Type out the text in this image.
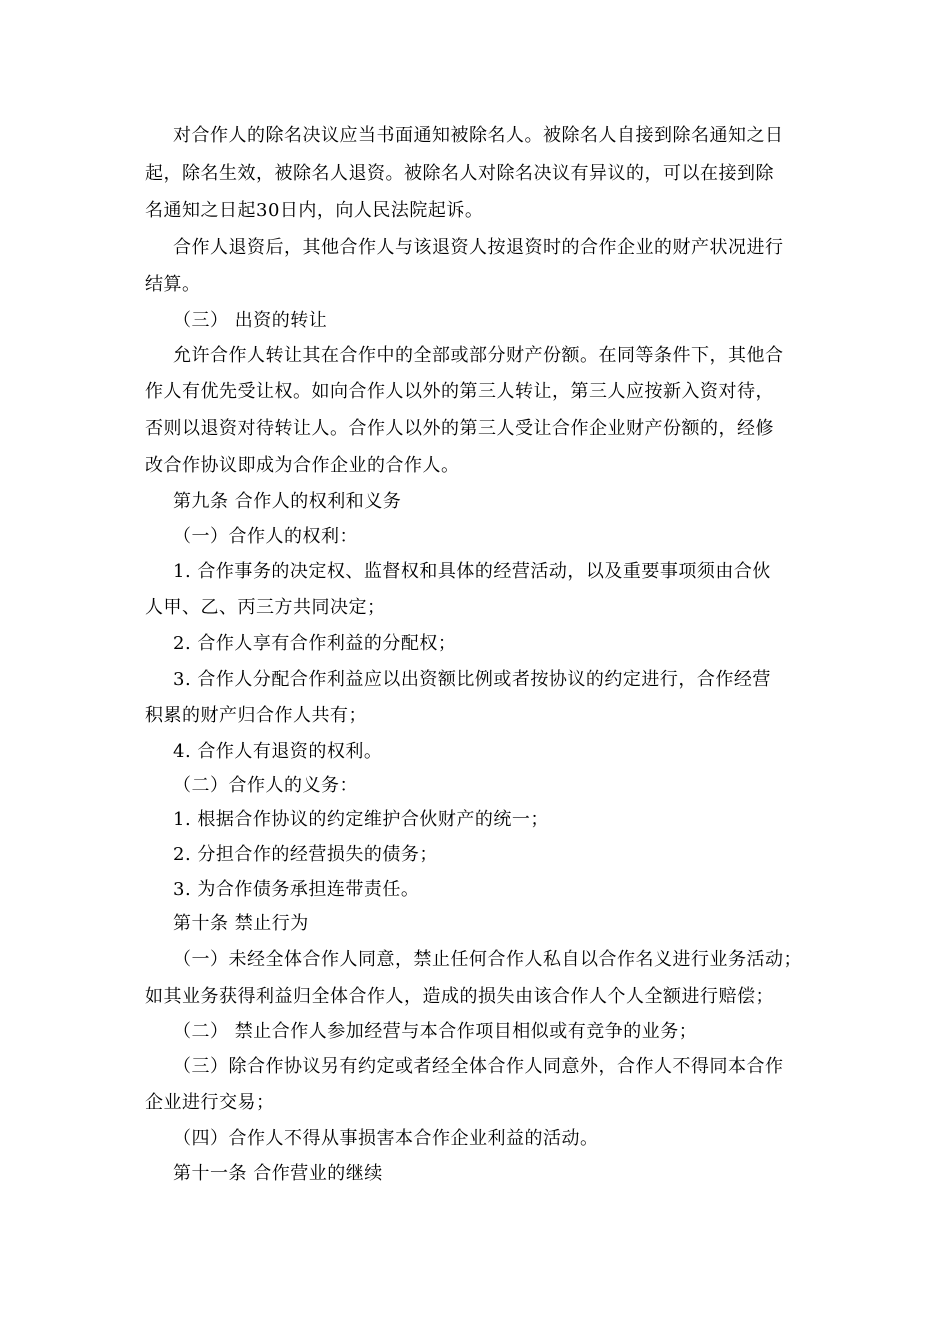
对合作人的除名决议应当书面通知被除名人。被除名人自接到除名通知之日
起，除名生效，被除名人退资。被除名人对除名决议有异议的，可以在接到除
名通知之日起30日内，向人民法院起诉。
合作人退资后，其他合作人与该退资人按退资时的合作企业的财产状况进行
结算。
（三） 出资的转让
允许合作人转让其在合作中的全部或部分财产份额。在同等条件下，其他合
作人有优先受让权。如向合作人以外的第三人转让，第三人应按新入资对待，
否则以退资对待转让人。合作人以外的第三人受让合作企业财产份额的，经修
改合作协议即成为合作企业的合作人。
第九条 合作人的权利和义务
（一）合作人的权利：
1. 合作事务的决定权、监督权和具体的经营活动，以及重要事项须由合伙
人甲、乙、丙三方共同决定；
2. 合作人享有合作利益的分配权；
3. 合作人分配合作利益应以出资额比例或者按协议的约定进行，合作经营
积累的财产归合作人共有；
4. 合作人有退资的权利。
（二）合作人的义务：
1. 根据合作协议的约定维护合伙财产的统一；
2. 分担合作的经营损失的债务；
3. 为合作债务承担连带责任。
第十条 禁止行为
（一）未经全体合作人同意，禁止任何合作人私自以合作名义进行业务活动；
如其业务获得利益归全体合作人，造成的损失由该合作人个人全额进行赔偿；
（二） 禁止合作人参加经营与本合作项目相似或有竞争的业务；
（三）除合作协议另有约定或者经全体合作人同意外，合作人不得同本合作
企业进行交易；
（四）合作人不得从事损害本合作企业利益的活动。
第十一条 合作营业的继续
